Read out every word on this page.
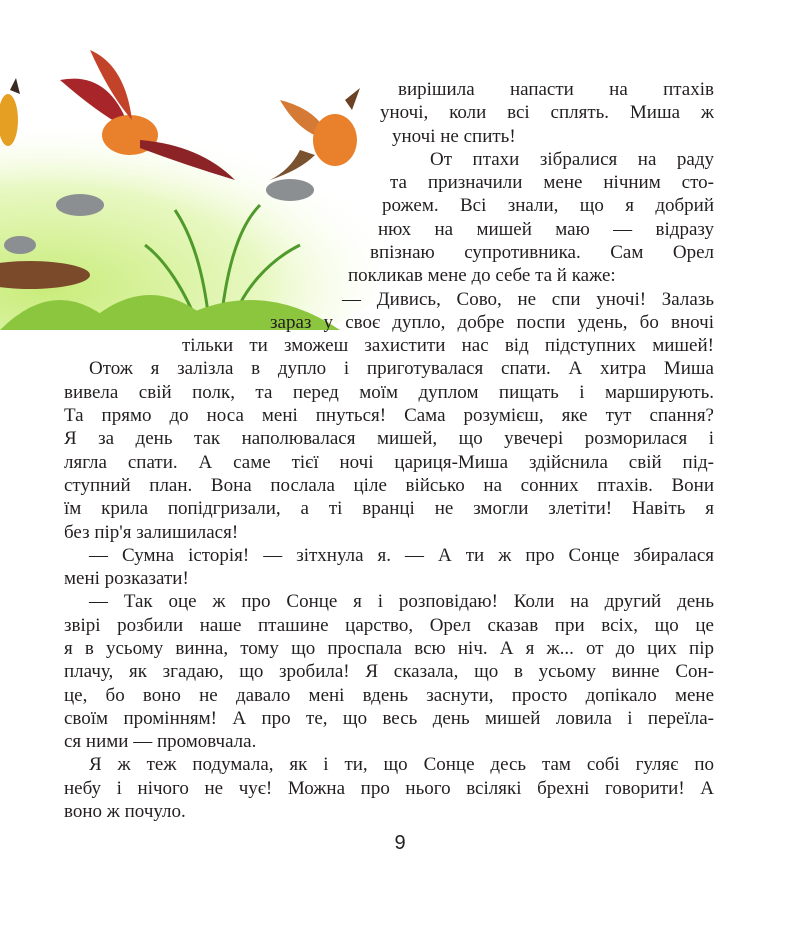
вирішила напасти на птахів
уночі, коли всі сплять. Миша ж
уночі не спить!
От птахи зібралися на раду
та призначили мене нічним сто-
рожем. Всі знали, що я добрий
нюх на мишей маю — відразу
впізнаю супротивника. Сам Орел
покликав мене до себе та й каже:
— Дивись, Сово, не спи уночі! Залазь
зараз у своє дупло, добре поспи удень, бо вночі
тільки ти зможеш захистити нас від підступних мишей!
Отож я залізла в дупло і приготувалася спати. А хитра Миша
вивела свій полк, та перед моїм дуплом пищать і марширують.
Та прямо до носа мені пнуться! Сама розумієш, яке тут спання?
Я за день так наполювалася мишей, що увечері розморилася і
лягла спати. А саме тієї ночі цариця-Миша здійснила свій під-
ступний план. Вона послала ціле військо на сонних птахів. Вони
їм крила попідгризали, а ті вранці не змогли злетіти! Навіть я
без пір'я залишилася!
— Сумна історія! — зітхнула я. — А ти ж про Сонце збиралася
мені розказати!
— Так оце ж про Сонце я і розповідаю! Коли на другий день
звірі розбили наше пташине царство, Орел сказав при всіх, що це
я в усьому винна, тому що проспала всю ніч. А я ж... от до цих пір
плачу, як згадаю, що зробила! Я сказала, що в усьому винне Сон-
це, бо воно не давало мені вдень заснути, просто допікало мене
своїм промінням! А про те, що весь день мишей ловила і переїла-
ся ними — промовчала.
Я ж теж подумала, як і ти, що Сонце десь там собі гуляє по
небу і нічого не чує! Можна про нього всілякі брехні говорити! А
воно ж почуло.
9
